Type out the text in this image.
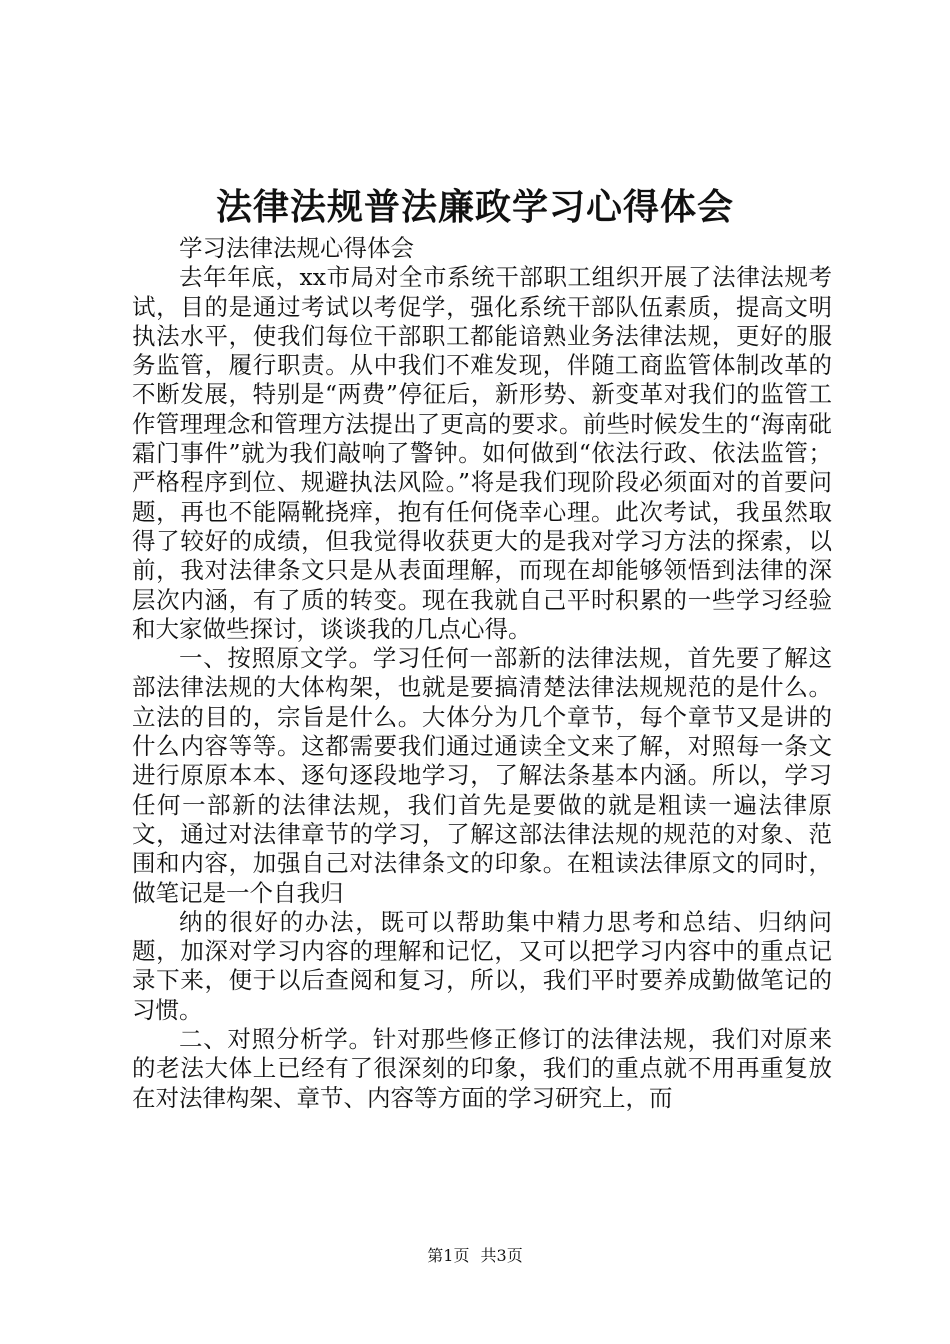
法律法规普法廉政学习心得体会

学习法律法规心得体会

去年年底，xx市局对全市系统干部职工组织开展了法律法规考试，目的是通过考试以考促学，强化系统干部队伍素质，提高文明执法水平，使我们每位干部职工都能谙熟业务法律法规，更好的服务监管，履行职责。从中我们不难发现，伴随工商监管体制改革的不断发展，特别是“两费”停征后，新形势、新变革对我们的监管工作管理理念和管理方法提出了更高的要求。前些时候发生的“海南砒霜门事件”就为我们敲响了警钟。如何做到“依法行政、依法监管；严格程序到位、规避执法风险。”将是我们现阶段必须面对的首要问题，再也不能隔靴挠痒，抱有任何侥幸心理。此次考试，我虽然取得了较好的成绩，但我觉得收获更大的是我对学习方法的探索，以前，我对法律条文只是从表面理解，而现在却能够领悟到法律的深层次内涵，有了质的转变。现在我就自己平时积累的一些学习经验和大家做些探讨，谈谈我的几点心得。

一、按照原文学。学习任何一部新的法律法规，首先要了解这部法律法规的大体构架，也就是要搞清楚法律法规规范的是什么。立法的目的，宗旨是什么。大体分为几个章节，每个章节又是讲的什么内容等等。这都需要我们通过通读全文来了解，对照每一条文进行原原本本、逐句逐段地学习，了解法条基本内涵。所以，学习任何一部新的法律法规，我们首先是要做的就是粗读一遍法律原文，通过对法律章节的学习，了解这部法律法规的规范的对象、范围和内容，加强自己对法律条文的印象。在粗读法律原文的同时，做笔记是一个自我归

纳的很好的办法，既可以帮助集中精力思考和总结、归纳问题，加深对学习内容的理解和记忆，又可以把学习内容中的重点记录下来，便于以后查阅和复习，所以，我们平时要养成勤做笔记的习惯。

二、对照分析学。针对那些修正修订的法律法规，我们对原来的老法大体上已经有了很深刻的印象，我们的重点就不用再重复放在对法律构架、章节、内容等方面的学习研究上，而

第1页 共3页
